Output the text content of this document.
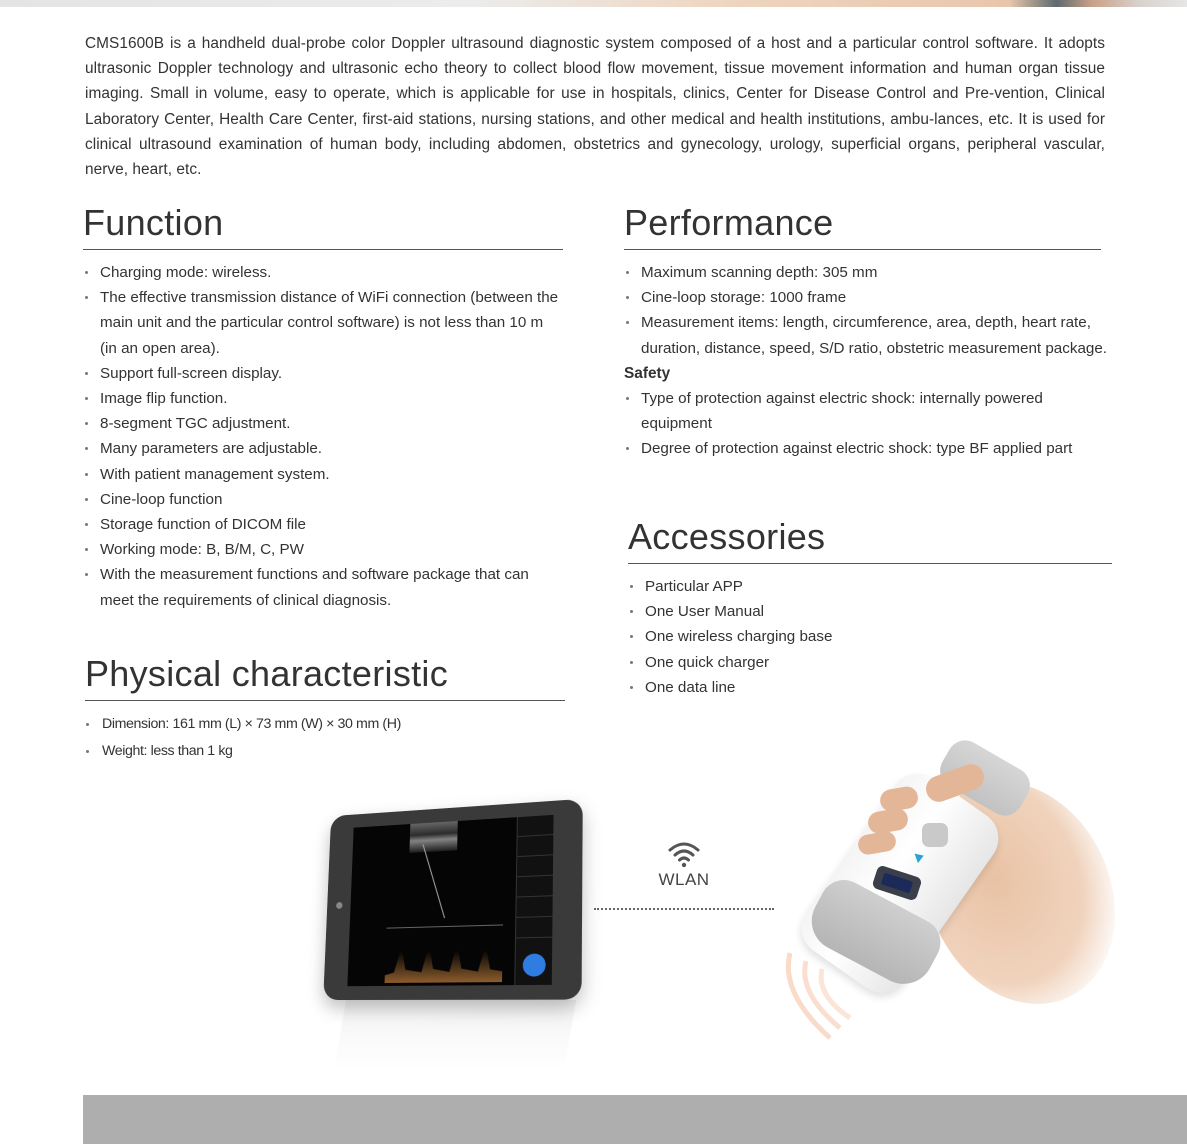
CMS1600B is a handheld dual-probe color Doppler ultrasound diagnostic system composed of a host and a particular control software. It adopts ultrasonic Doppler technology and ultrasonic echo theory to collect blood flow movement, tissue movement information and human organ tissue imaging. Small in volume, easy to operate, which is applicable for use in hospitals, clinics, Center for Disease Control and Pre-vention, Clinical Laboratory Center, Health Care Center, first-aid stations, nursing stations, and other medical and health institutions, ambu-lances, etc. It is used for clinical ultrasound examination of human body, including abdomen, obstetrics and gynecology, urology, superficial organs, peripheral vascular, nerve, heart, etc.

Function
Charging mode: wireless.
The effective transmission distance of WiFi connection (between the main unit and the particular control software) is not less than 10 m (in an open area).
Support full-screen display.
Image flip function.
8-segment TGC adjustment.
Many parameters are adjustable.
With patient management system.
Cine-loop function
Storage function of DICOM file
Working mode: B, B/M, C, PW
With the measurement functions and software package that can meet the requirements of clinical diagnosis.
Performance
Maximum scanning depth: 305 mm
Cine-loop storage: 1000 frame
Measurement items: length, circumference, area, depth, heart rate, duration, distance, speed, S/D ratio, obstetric measurement package.
Safety
Type of protection against electric shock: internally powered equipment
Degree of protection against electric shock: type BF applied part
Accessories
Particular APP
One User Manual
One wireless charging base
One quick charger
One data line
Physical characteristic
Dimension: 161 mm (L) × 73 mm (W) × 30 mm (H)
Weight: less than 1 kg
WLAN
